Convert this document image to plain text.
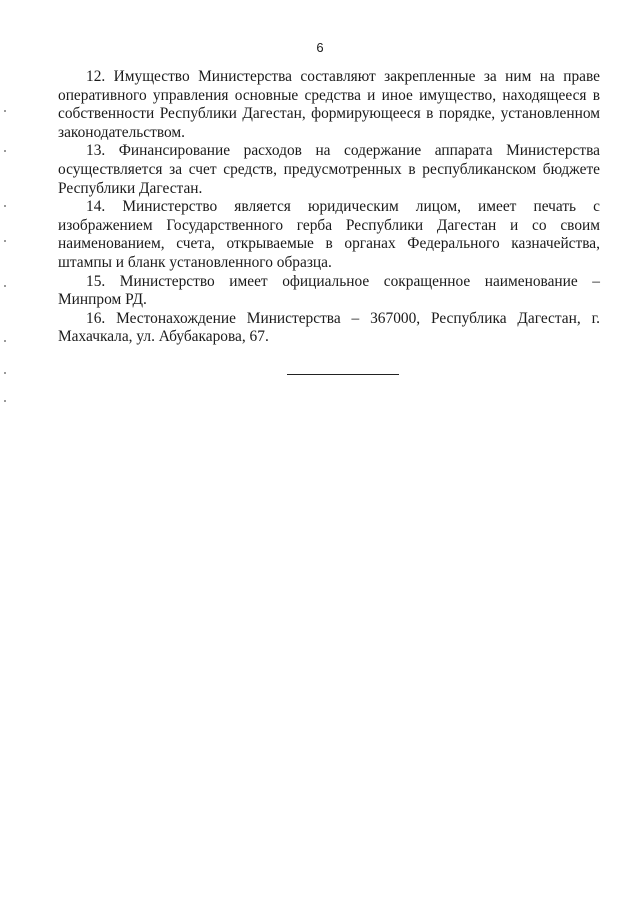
6

12. Имущество Министерства составляют закрепленные за ним на праве оперативного управления основные средства и иное имущество, находящееся в собственности Республики Дагестан, формирующееся в порядке, установленном законодательством.

13. Финансирование расходов на содержание аппарата Министерства осуществляется за счет средств, предусмотренных в республиканском бюджете Республики Дагестан.

14. Министерство является юридическим лицом, имеет печать с изображением Государственного герба Республики Дагестан и со своим наименованием, счета, открываемые в органах Федерального казначейства, штампы и бланк установленного образца.

15. Министерство имеет официальное сокращенное наименование – Минпром РД.

16. Местонахождение Министерства – 367000, Республика Дагестан, г. Махачкала, ул. Абубакарова, 67.
